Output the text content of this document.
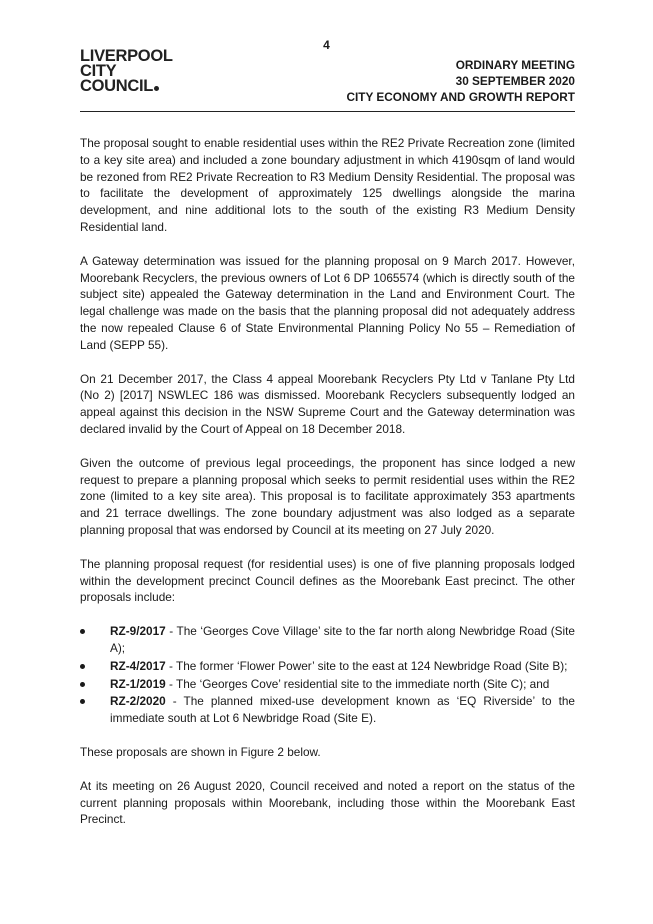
4
LIVERPOOL
CITY
COUNCIL
ORDINARY MEETING
30 SEPTEMBER 2020
CITY ECONOMY AND GROWTH REPORT

The proposal sought to enable residential uses within the RE2 Private Recreation zone (limited to a key site area) and included a zone boundary adjustment in which 4190sqm of land would be rezoned from RE2 Private Recreation to R3 Medium Density Residential. The proposal was to facilitate the development of approximately 125 dwellings alongside the marina development, and nine additional lots to the south of the existing R3 Medium Density Residential land.

A Gateway determination was issued for the planning proposal on 9 March 2017. However, Moorebank Recyclers, the previous owners of Lot 6 DP 1065574 (which is directly south of the subject site) appealed the Gateway determination in the Land and Environment Court. The legal challenge was made on the basis that the planning proposal did not adequately address the now repealed Clause 6 of State Environmental Planning Policy No 55 – Remediation of Land (SEPP 55).

On 21 December 2017, the Class 4 appeal Moorebank Recyclers Pty Ltd v Tanlane Pty Ltd (No 2) [2017] NSWLEC 186 was dismissed. Moorebank Recyclers subsequently lodged an appeal against this decision in the NSW Supreme Court and the Gateway determination was declared invalid by the Court of Appeal on 18 December 2018.

Given the outcome of previous legal proceedings, the proponent has since lodged a new request to prepare a planning proposal which seeks to permit residential uses within the RE2 zone (limited to a key site area). This proposal is to facilitate approximately 353 apartments and 21 terrace dwellings. The zone boundary adjustment was also lodged as a separate planning proposal that was endorsed by Council at its meeting on 27 July 2020.

The planning proposal request (for residential uses) is one of five planning proposals lodged within the development precinct Council defines as the Moorebank East precinct. The other proposals include:

RZ-9/2017 - The ‘Georges Cove Village’ site to the far north along Newbridge Road (Site A);
RZ-4/2017 - The former ‘Flower Power’ site to the east at 124 Newbridge Road (Site B);
RZ-1/2019 - The ‘Georges Cove’ residential site to the immediate north (Site C); and
RZ-2/2020 - The planned mixed-use development known as ‘EQ Riverside’ to the immediate south at Lot 6 Newbridge Road (Site E).

These proposals are shown in Figure 2 below.

At its meeting on 26 August 2020, Council received and noted a report on the status of the current planning proposals within Moorebank, including those within the Moorebank East Precinct.
